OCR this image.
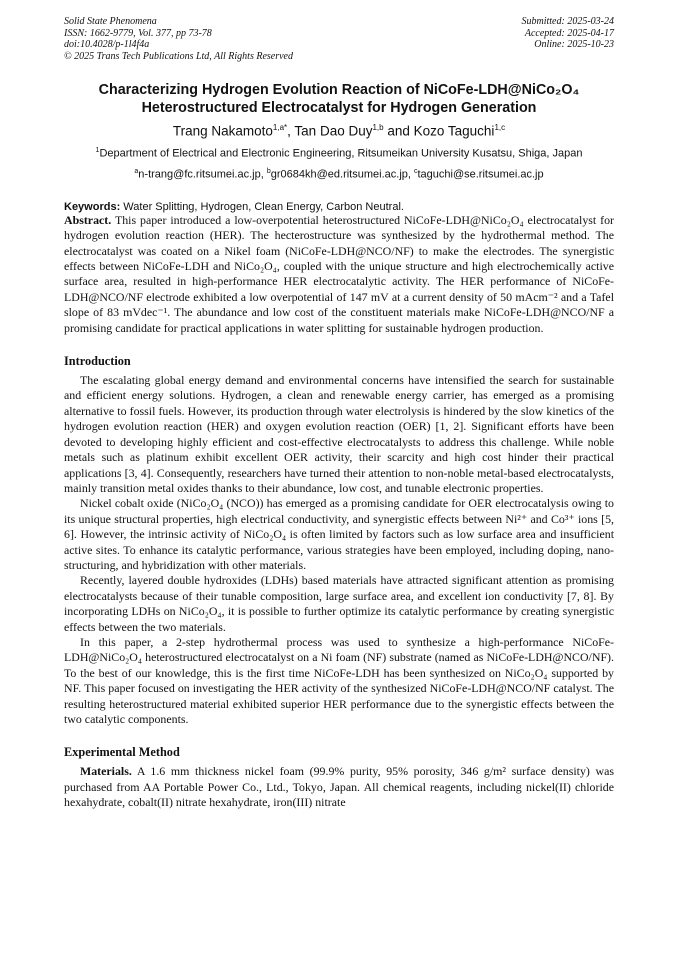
Solid State Phenomena
ISSN: 1662-9779, Vol. 377, pp 73-78
doi:10.4028/p-1l4f4a
© 2025 Trans Tech Publications Ltd, All Rights Reserved
Submitted: 2025-03-24
Accepted: 2025-04-17
Online: 2025-10-23
Characterizing Hydrogen Evolution Reaction of NiCoFe-LDH@NiCo₂O₄
Heterostructured Electrocatalyst for Hydrogen Generation
Trang Nakamoto$^{1,a*}$, Tan Dao Duy$^{1,b}$ and Kozo Taguchi$^{1,c}$
$^1$Department of Electrical and Electronic Engineering, Ritsumeikan University Kusatsu, Shiga, Japan
$^a$n-trang@fc.ritsumei.ac.jp, $^b$gr0684kh@ed.ritsumei.ac.jp, $^c$taguchi@se.ritsumei.ac.jp
Keywords: Water Splitting, Hydrogen, Clean Energy, Carbon Neutral.

Abstract. This paper introduced a low-overpotential heterostructured NiCoFe-LDH@NiCo₂O₄ electrocatalyst for hydrogen evolution reaction (HER). The hecterostructure was synthesized by the hydrothermal method. The electrocatalyst was coated on a Nikel foam (NiCoFe-LDH@NCO/NF) to make the electrodes. The synergistic effects between NiCoFe-LDH and NiCo₂O₄, coupled with the unique structure and high electrochemically active surface area, resulted in high-performance HER electrocatalytic activity. The HER performance of NiCoFe-LDH@NCO/NF electrode exhibited a low overpotential of 147 mV at a current density of 50 mAcm⁻² and a Tafel slope of 83 mVdec⁻¹. The abundance and low cost of the constituent materials make NiCoFe-LDH@NCO/NF a promising candidate for practical applications in water splitting for sustainable hydrogen production.

Introduction

The escalating global energy demand and environmental concerns have intensified the search for sustainable and efficient energy solutions. Hydrogen, a clean and renewable energy carrier, has emerged as a promising alternative to fossil fuels. However, its production through water electrolysis is hindered by the slow kinetics of the hydrogen evolution reaction (HER) and oxygen evolution reaction (OER) [1, 2]. Significant efforts have been devoted to developing highly efficient and cost-effective electrocatalysts to address this challenge. While noble metals such as platinum exhibit excellent OER activity, their scarcity and high cost hinder their practical applications [3, 4]. Consequently, researchers have turned their attention to non-noble metal-based electrocatalysts, mainly transition metal oxides thanks to their abundance, low cost, and tunable electronic properties.

Nickel cobalt oxide (NiCo₂O₄ (NCO)) has emerged as a promising candidate for OER electrocatalysis owing to its unique structural properties, high electrical conductivity, and synergistic effects between Ni²⁺ and Co³⁺ ions [5, 6]. However, the intrinsic activity of NiCo₂O₄ is often limited by factors such as low surface area and insufficient active sites. To enhance its catalytic performance, various strategies have been employed, including doping, nano-structuring, and hybridization with other materials.

Recently, layered double hydroxides (LDHs) based materials have attracted significant attention as promising electrocatalysts because of their tunable composition, large surface area, and excellent ion conductivity [7, 8]. By incorporating LDHs on NiCo₂O₄, it is possible to further optimize its catalytic performance by creating synergistic effects between the two materials.

In this paper, a 2-step hydrothermal process was used to synthesize a high-performance NiCoFe-LDH@NiCo₂O₄ heterostructured electrocatalyst on a Ni foam (NF) substrate (named as NiCoFe-LDH@NCO/NF). To the best of our knowledge, this is the first time NiCoFe-LDH has been synthesized on NiCo₂O₄ supported by NF. This paper focused on investigating the HER activity of the synthesized NiCoFe-LDH@NCO/NF catalyst. The resulting heterostructured material exhibited superior HER performance due to the synergistic effects between the two catalytic components.

Experimental Method

Materials. A 1.6 mm thickness nickel foam (99.9% purity, 95% porosity, 346 g/m² surface density) was purchased from AA Portable Power Co., Ltd., Tokyo, Japan. All chemical reagents, including nickel(II) chloride hexahydrate, cobalt(II) nitrate hexahydrate, iron(III) nitrate
